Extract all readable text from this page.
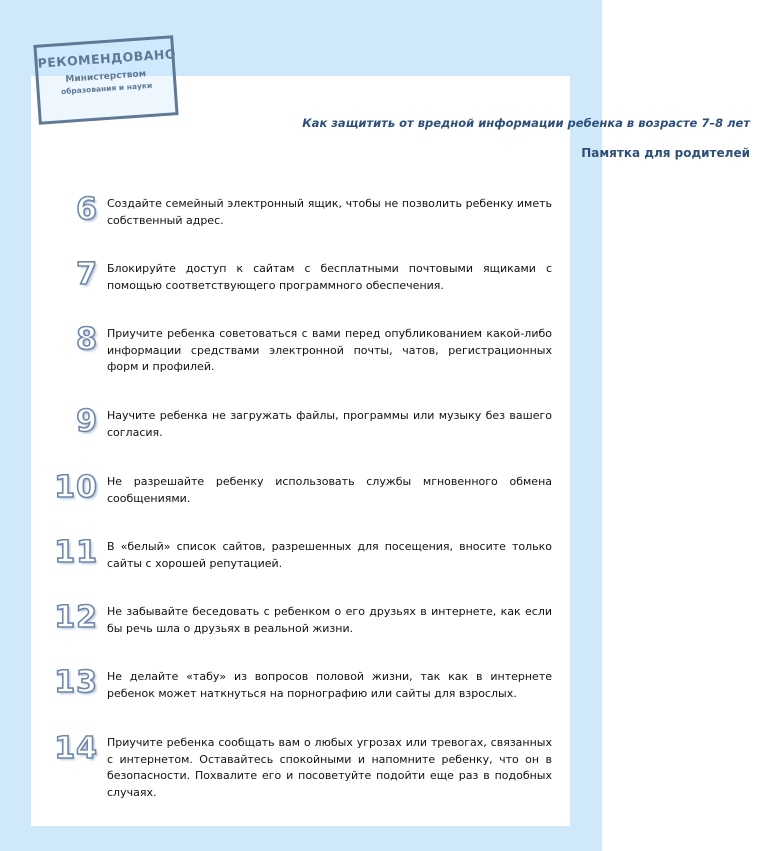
РЕКОМЕНДОВАНО
Министерством
образования и науки
Как защитить от вредной информации ребенка в возрасте 7–8 лет
Памятка для родителей
6 Создайте семейный электронный ящик, чтобы не позволить ребенку иметь собственный адрес.
7 Блокируйте доступ к сайтам с бесплатными почтовыми ящиками с помощью соответствующего программного обеспечения.
8 Приучите ребенка советоваться с вами перед опубликованием какой-либо информации средствами электронной почты, чатов, регистрационных форм и профилей.
9 Научите ребенка не загружать файлы, программы или музыку без вашего согласия.
10 Не разрешайте ребенку использовать службы мгновенного обмена сообщениями.
11 В «белый» список сайтов, разрешенных для посещения, вносите только сайты с хорошей репутацией.
12 Не забывайте беседовать с ребенком о его друзьях в интернете, как если бы речь шла о друзьях в реальной жизни.
13 Не делайте «табу» из вопросов половой жизни, так как в интернете ребенок может наткнуться на порнографию или сайты для взрослых.
14 Приучите ребенка сообщать вам о любых угрозах или тревогах, связанных с интернетом. Оставайтесь спокойными и напомните ребенку, что он в безопасности. Похвалите его и посоветуйте подойти еще раз в подобных случаях.
